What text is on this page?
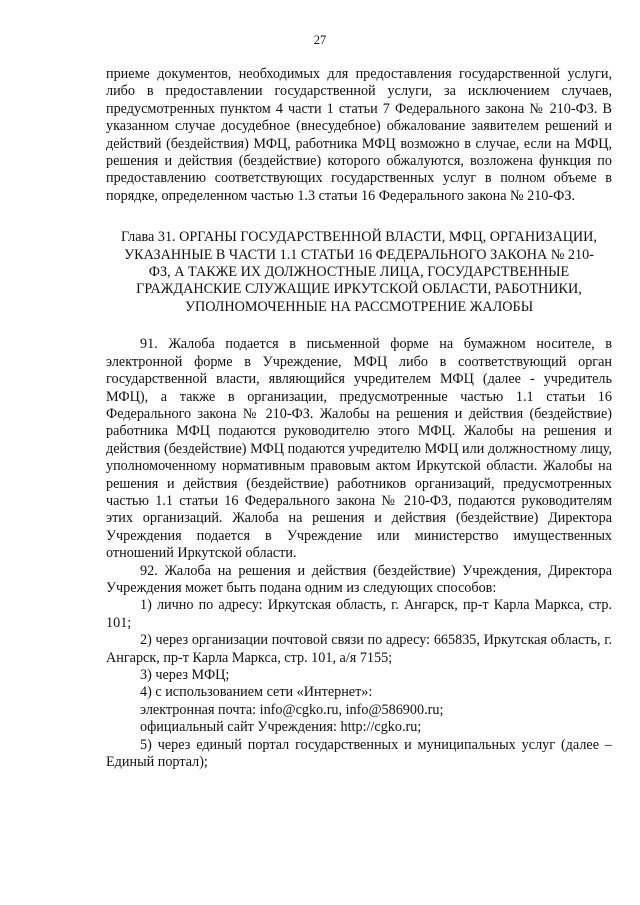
27

приеме документов, необходимых для предоставления государственной услуги, либо в предоставлении государственной услуги, за исключением случаев, предусмотренных пунктом 4 части 1 статьи 7 Федерального закона № 210-ФЗ. В указанном случае досудебное (внесудебное) обжалование заявителем решений и действий (бездействия) МФЦ, работника МФЦ возможно в случае, если на МФЦ, решения и действия (бездействие) которого обжалуются, возложена функция по предоставлению соответствующих государственных услуг в полном объеме в порядке, определенном частью 1.3 статьи 16 Федерального закона № 210-ФЗ.

Глава 31. ОРГАНЫ ГОСУДАРСТВЕННОЙ ВЛАСТИ, МФЦ, ОРГАНИЗАЦИИ, УКАЗАННЫЕ В ЧАСТИ 1.1 СТАТЬИ 16 ФЕДЕРАЛЬНОГО ЗАКОНА № 210-ФЗ, А ТАКЖЕ ИХ ДОЛЖНОСТНЫЕ ЛИЦА, ГОСУДАРСТВЕННЫЕ ГРАЖДАНСКИЕ СЛУЖАЩИЕ ИРКУТСКОЙ ОБЛАСТИ, РАБОТНИКИ, УПОЛНОМОЧЕННЫЕ НА РАССМОТРЕНИЕ ЖАЛОБЫ

91. Жалоба подается в письменной форме на бумажном носителе, в электронной форме в Учреждение, МФЦ либо в соответствующий орган государственной власти, являющийся учредителем МФЦ (далее - учредитель МФЦ), а также в организации, предусмотренные частью 1.1 статьи 16 Федерального закона № 210-ФЗ. Жалобы на решения и действия (бездействие) работника МФЦ подаются руководителю этого МФЦ. Жалобы на решения и действия (бездействие) МФЦ подаются учредителю МФЦ или должностному лицу, уполномоченному нормативным правовым актом Иркутской области. Жалобы на решения и действия (бездействие) работников организаций, предусмотренных частью 1.1 статьи 16 Федерального закона № 210-ФЗ, подаются руководителям этих организаций. Жалоба на решения и действия (бездействие) Директора Учреждения подается в Учреждение или министерство имущественных отношений Иркутской области.

92. Жалоба на решения и действия (бездействие) Учреждения, Директора Учреждения может быть подана одним из следующих способов:

1) лично по адресу: Иркутская область, г. Ангарск, пр-т Карла Маркса, стр. 101;

2) через организации почтовой связи по адресу: 665835, Иркутская область, г. Ангарск, пр-т Карла Маркса, стр. 101, а/я 7155;

3) через МФЦ;

4) с использованием сети «Интернет»:

электронная почта: info@cgko.ru, info@586900.ru;

официальный сайт Учреждения: http://cgko.ru;

5) через единый портал государственных и муниципальных услуг (далее – Единый портал);
